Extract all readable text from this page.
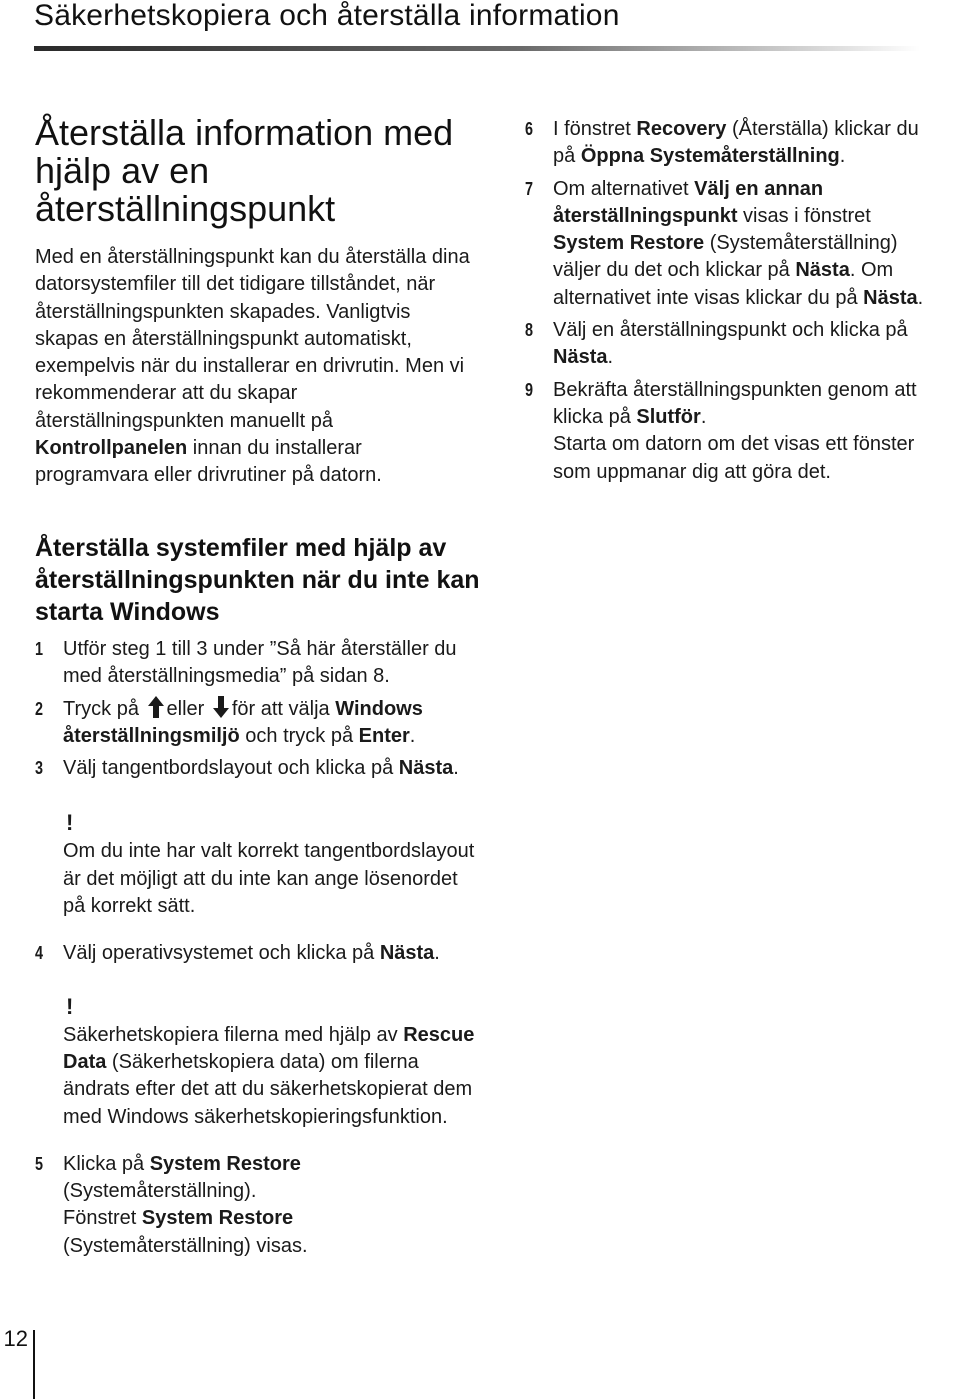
Säkerhetskopiera och återställa information
Återställa information med hjälp av en återställningspunkt

Med en återställningspunkt kan du återställa dina datorsystemfiler till det tidigare tillståndet, när återställningspunkten skapades. Vanligtvis skapas en återställningspunkt automatiskt, exempelvis när du installerar en drivrutin. Men vi rekommenderar att du skapar återställningspunkten manuellt på Kontrollpanelen innan du installerar programvara eller drivrutiner på datorn.

Återställa systemfiler med hjälp av återställningspunkten när du inte kan starta Windows
1 Utför steg 1 till 3 under ”Så här återställer du med återställningsmedia” på sidan 8.
2 Tryck på eller för att välja Windows återställningsmiljö och tryck på Enter.
3 Välj tangentbordslayout och klicka på Nästa.
!
Om du inte har valt korrekt tangentbordslayout är det möjligt att du inte kan ange lösenordet på korrekt sätt.
4 Välj operativsystemet och klicka på Nästa.
!
Säkerhetskopiera filerna med hjälp av Rescue Data (Säkerhetskopiera data) om filerna ändrats efter det att du säkerhetskopierat dem med Windows säkerhetskopieringsfunktion.
5 Klicka på System Restore (Systemåterställning).
Fönstret System Restore (Systemåterställning) visas.
6 I fönstret Recovery (Återställa) klickar du på Öppna Systemåterställning.
7 Om alternativet Välj en annan återställningspunkt visas i fönstret System Restore (Systemåterställning) väljer du det och klickar på Nästa. Om alternativet inte visas klickar du på Nästa.
8 Välj en återställningspunkt och klicka på Nästa.
9 Bekräfta återställningspunkten genom att klicka på Slutför.
Starta om datorn om det visas ett fönster som uppmanar dig att göra det.
12
